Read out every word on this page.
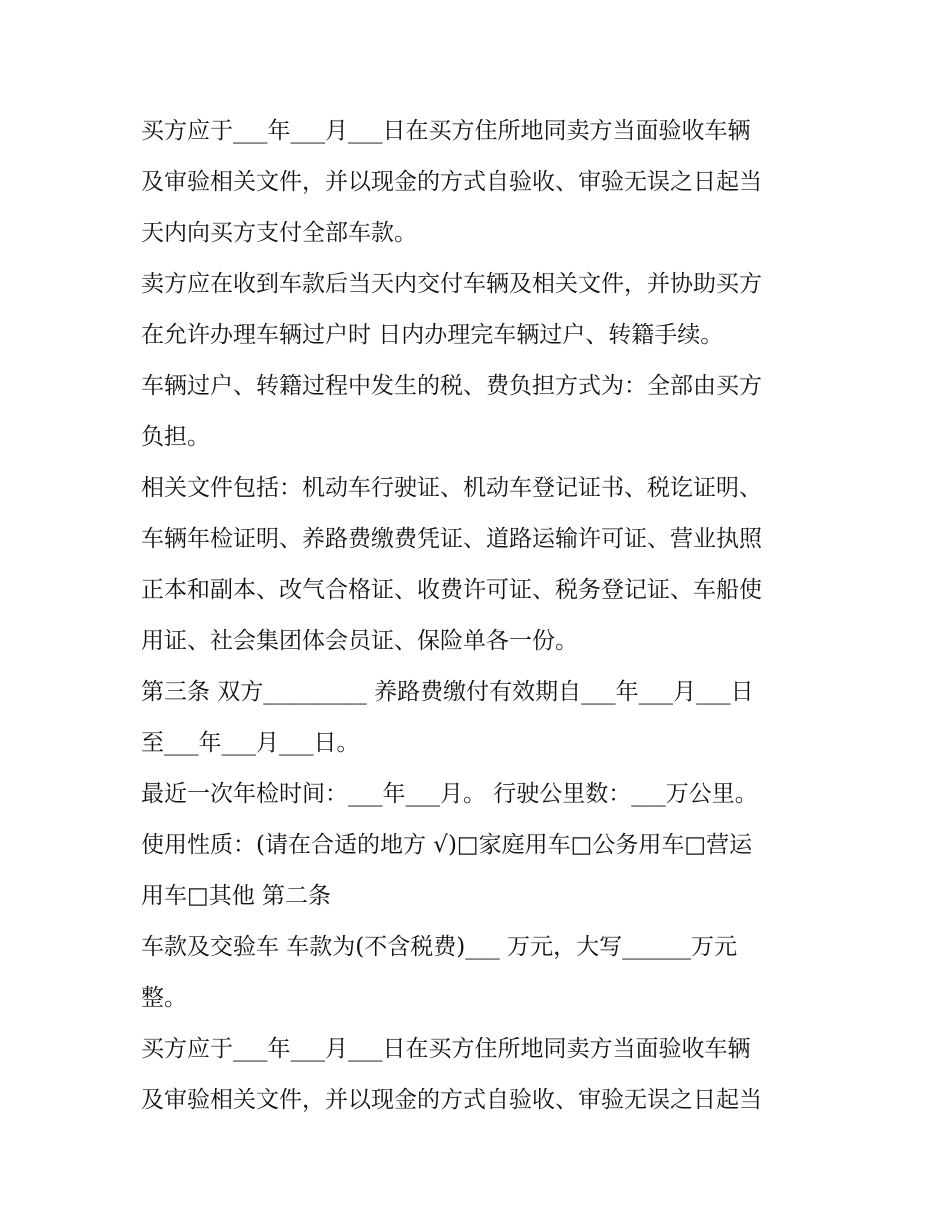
买方应于___年___月___日在买方住所地同卖方当面验收车辆
及审验相关文件，并以现金的方式自验收、审验无误之日起当
天内向买方支付全部车款。
卖方应在收到车款后当天内交付车辆及相关文件，并协助买方
在允许办理车辆过户时 日内办理完车辆过户、转籍手续。
车辆过户、转籍过程中发生的税、费负担方式为：全部由买方
负担。
相关文件包括：机动车行驶证、机动车登记证书、税讫证明、
车辆年检证明、养路费缴费凭证、道路运输许可证、营业执照
正本和副本、改气合格证、收费许可证、税务登记证、车船使
用证、社会集团体会员证、保险单各一份。
第三条 双方_________ 养路费缴付有效期自___年___月___日
至___年___月___日。
最近一次年检时间：___年___月。 行驶公里数：___万公里。
使用性质：(请在合适的地方 √)□家庭用车□公务用车□营运
用车□其他 第二条
车款及交验车 车款为(不含税费)___ 万元，大写______万元
整。
买方应于___年___月___日在买方住所地同卖方当面验收车辆
及审验相关文件，并以现金的方式自验收、审验无误之日起当
